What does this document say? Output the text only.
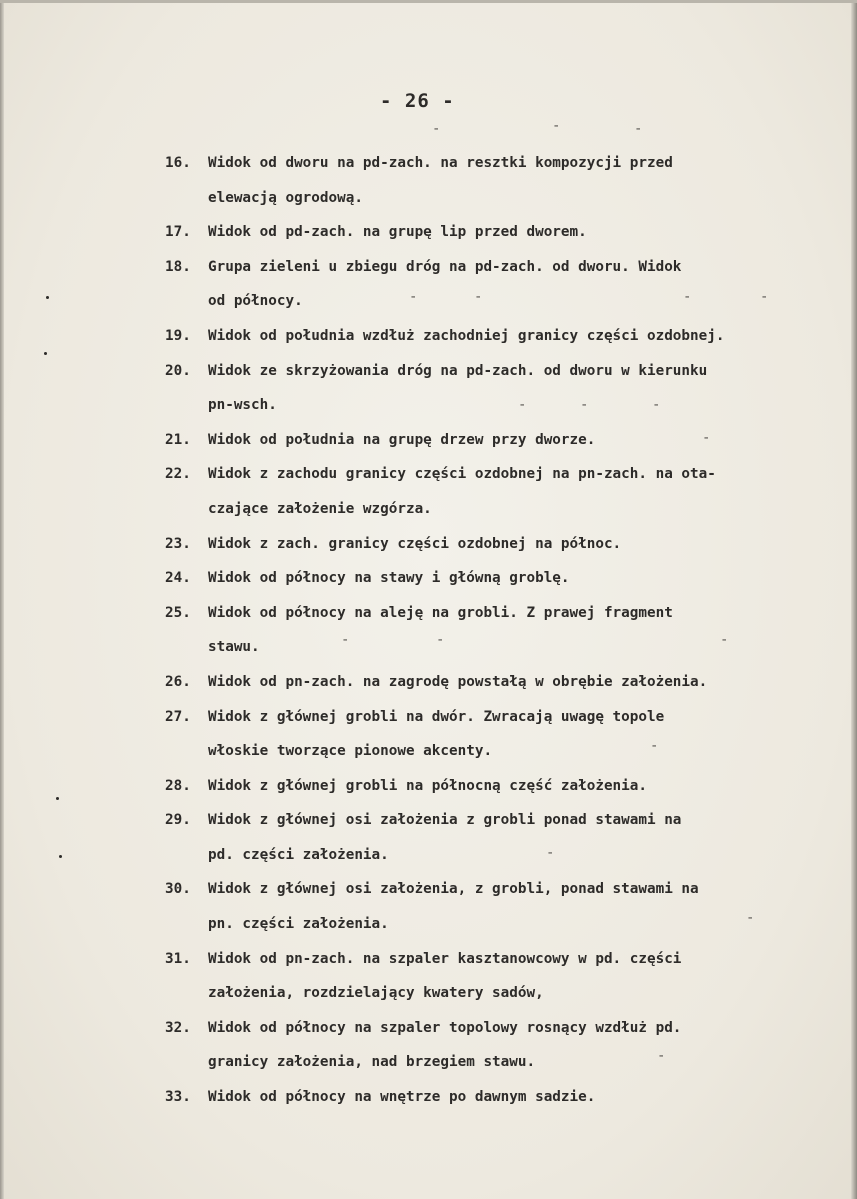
- 26 -
-	-	-
-	-	-	-
-	-	-
-
-	-	-
-
-
-
-
16.	Widok od dworu na pd-zach. na resztki kompozycji przed
elewacją ogrodową.
17.	Widok od pd-zach. na grupę lip przed dworem.
18.	Grupa zieleni u zbiegu dróg na pd-zach. od dworu. Widok
od północy.
19.	Widok od południa wzdłuż zachodniej granicy części ozdobnej.
20.	Widok ze skrzyżowania dróg na pd-zach. od dworu w kierunku
pn-wsch.
21.	Widok od południa na grupę drzew przy dworze.
22.	Widok z zachodu granicy części ozdobnej na pn-zach. na ota-
czające założenie wzgórza.
23.	Widok z zach. granicy części ozdobnej na północ.
24.	Widok od północy na stawy i główną groblę.
25.	Widok od północy na aleję na grobli. Z prawej fragment
stawu.
26.	Widok od pn-zach. na zagrodę powstałą w obrębie założenia.
27.	Widok z głównej grobli na dwór. Zwracają uwagę topole
włoskie tworzące pionowe akcenty.
28.	Widok z głównej grobli na północną część założenia.
29.	Widok z głównej osi założenia z grobli ponad stawami na
pd. części założenia.
30.	Widok z głównej osi założenia, z grobli, ponad stawami na
pn. części założenia.
31.	Widok od pn-zach. na szpaler kasztanowcowy w pd. części
założenia, rozdzielający kwatery sadów,
32.	Widok od północy na szpaler topolowy rosnący wzdłuż pd.
granicy założenia, nad brzegiem stawu.
33.	Widok od północy na wnętrze po dawnym sadzie.
